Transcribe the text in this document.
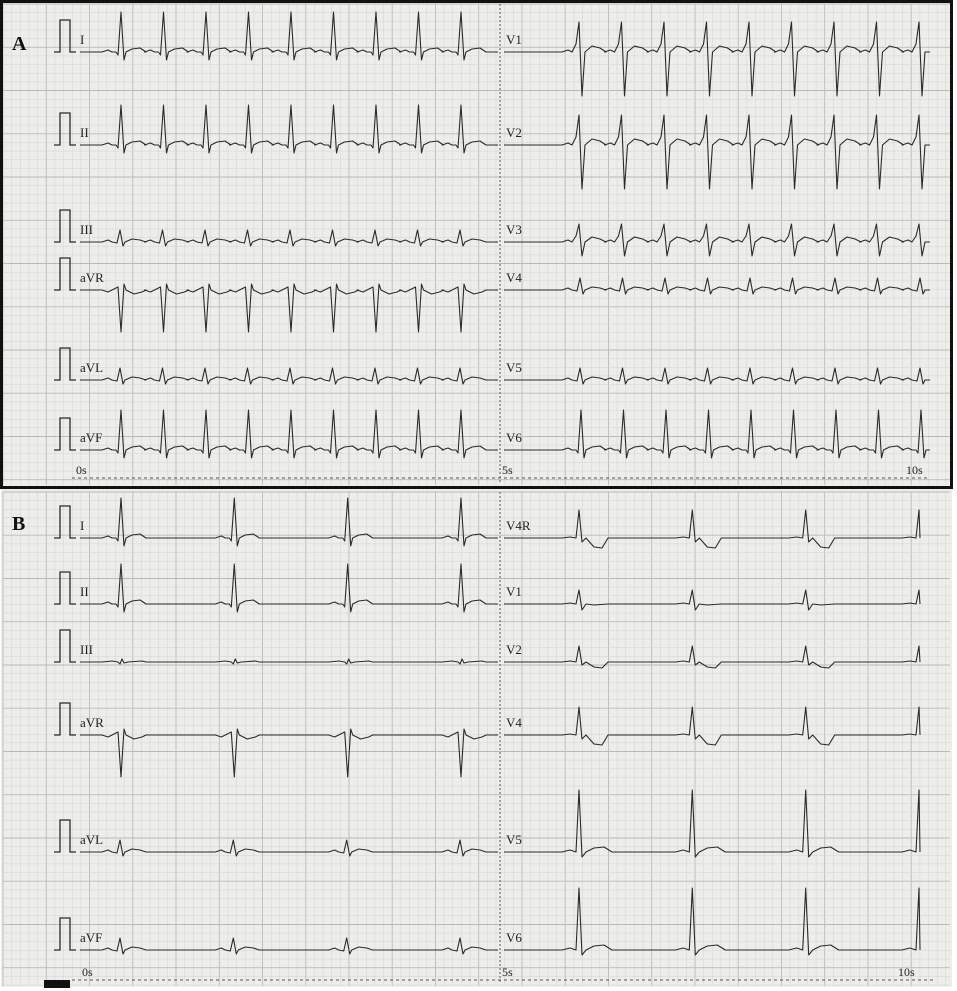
A
0s	5s	10s
I
II
III
aVR
aVL
aVF
V1
V2
V3
V4
V5
V6
B
0s	5s	10s
I
II
III
aVR
aVL
aVF
V4R
V1
V2
V4
V5
V6
